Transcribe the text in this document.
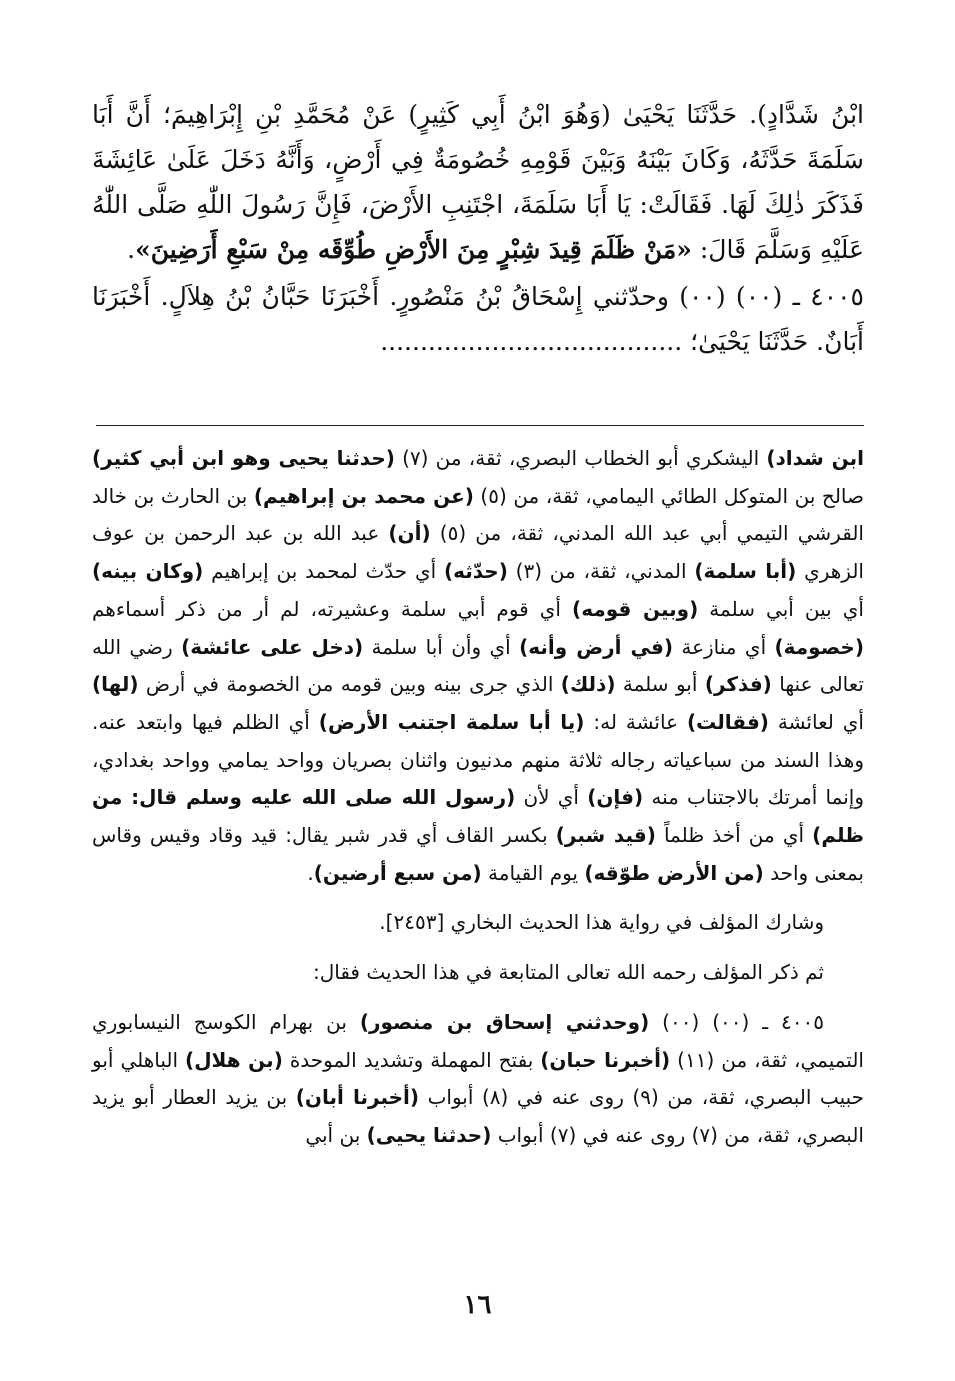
ابْنُ شَدَّادٍ). حَدَّثَنَا يَحْيَىٰ (وَهُوَ ابْنُ أَبِي كَثِيرٍ) عَنْ مُحَمَّدِ بْنِ إِبْرَاهِيمَ؛ أَنَّ أَبَا سَلَمَةَ حَدَّثَهُ، وَكَانَ بَيْنَهُ وَبَيْنَ قَوْمِهِ خُصُومَةٌ فِي أَرْضٍ، وَأَنَّهُ دَخَلَ عَلَىٰ عَائِشَةَ فَذَكَرَ ذٰلِكَ لَهَا. فَقَالَتْ: يَا أَبَا سَلَمَةَ، اجْتَنِبِ الأَرْضَ، فَإِنَّ رَسُولَ اللّٰهِ صَلَّى اللّٰهُ عَلَيْهِ وَسَلَّمَ قَالَ: «مَنْ ظَلَمَ قِيدَ شِبْرٍ مِنَ الأَرْضِ طُوِّقَه مِنْ سَبْعِ أَرَضِينَ».

٤٠٠٥ ـ (٠٠) (٠٠) وحدّثني إِسْحَاقُ بْنُ مَنْصُورٍ. أَخْبَرَنَا حَبَّانُ بْنُ هِلاَلٍ. أَخْبَرَنَا أَبَانٌ. حَدَّثَنَا يَحْيَىٰ؛ ......................................

ابن شداد) اليشكري أبو الخطاب البصري، ثقة، من (٧) (حدثنا يحيى وهو ابن أبي كثير) صالح بن المتوكل الطائي اليمامي، ثقة، من (٥) (عن محمد بن إبراهيم) بن الحارث بن خالد القرشي التيمي أبي عبد الله المدني، ثقة، من (٥) (أن) عبد الله بن عبد الرحمن بن عوف الزهري (أبا سلمة) المدني، ثقة، من (٣) (حدّثه) أي حدّث لمحمد بن إبراهيم (وكان بينه) أي بين أبي سلمة (وبين قومه) أي قوم أبي سلمة وعشيرته، لم أر من ذكر أسماءهم (خصومة) أي منازعة (في أرض وأنه) أي وأن أبا سلمة (دخل على عائشة) رضي الله تعالى عنها (فذكر) أبو سلمة (ذلك) الذي جرى بينه وبين قومه من الخصومة في أرض (لها) أي لعائشة (فقالت) عائشة له: (يا أبا سلمة اجتنب الأرض) أي الظلم فيها وابتعد عنه. وهذا السند من سباعياته رجاله ثلاثة منهم مدنيون واثنان بصريان وواحد يمامي وواحد بغدادي، وإنما أمرتك بالاجتناب منه (فإن) أي لأن (رسول الله صلى الله عليه وسلم قال: من ظلم) أي من أخذ ظلماً (قيد شبر) بكسر القاف أي قدر شبر يقال: قيد وقاد وقيس وقاس بمعنى واحد (من الأرض طوّقه) يوم القيامة (من سبع أرضين).

وشارك المؤلف في رواية هذا الحديث البخاري [٢٤٥٣].

ثم ذكر المؤلف رحمه الله تعالى المتابعة في هذا الحديث فقال:

٤٠٠٥ ـ (٠٠) (٠٠) (وحدثني إسحاق بن منصور) بن بهرام الكوسج النيسابوري التميمي، ثقة، من (١١) (أخبرنا حبان) بفتح المهملة وتشديد الموحدة (بن هلال) الباهلي أبو حبيب البصري، ثقة، من (٩) روى عنه في (٨) أبواب (أخبرنا أبان) بن يزيد العطار أبو يزيد البصري، ثقة، من (٧) روى عنه في (٧) أبواب (حدثنا يحيى) بن أبي

١٦
